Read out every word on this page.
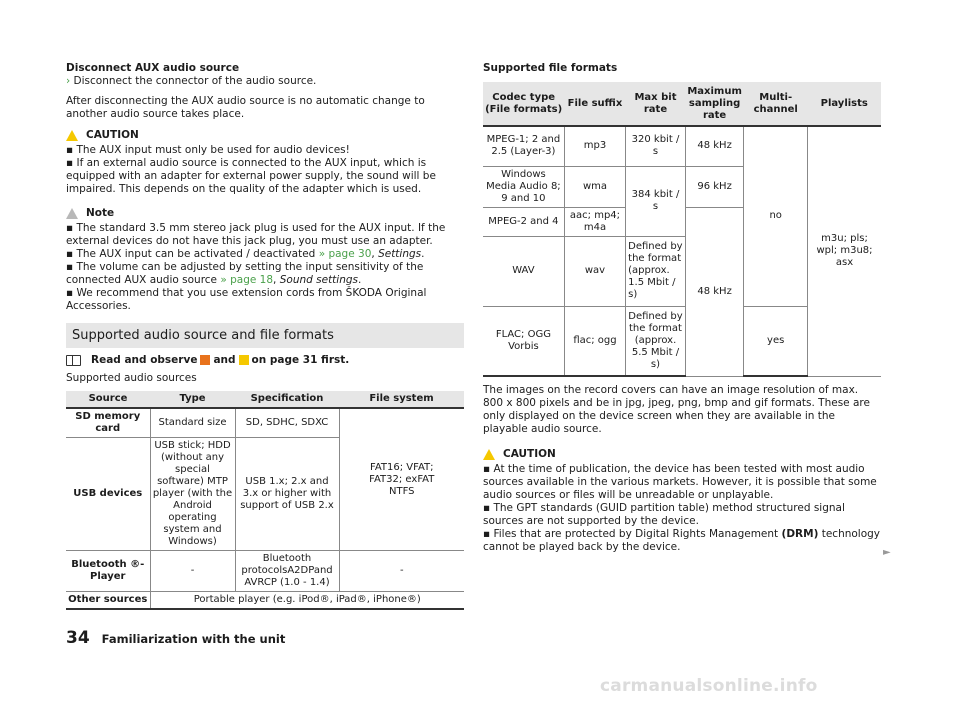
Disconnect AUX audio source

› Disconnect the connector of the audio source.

After disconnecting the AUX audio source is no automatic change to another audio source takes place.

CAUTION

▪ The AUX input must only be used for audio devices!

▪ If an external audio source is connected to the AUX input, which is equipped with an adapter for external power supply, the sound will be impaired. This depends on the quality of the adapter which is used.

Note

▪ The standard 3.5 mm stereo jack plug is used for the AUX input. If the external devices do not have this jack plug, you must use an adapter.

▪ The AUX input can be activated / deactivated » page 30, Settings.

▪ The volume can be adjusted by setting the input sensitivity of the connected AUX audio source » page 18, Sound settings.

▪ We recommend that you use extension cords from ŠKODA Original Accessories.

Supported audio source and file formats
Read and observe and on page 31 first.

Supported audio sources

Source	Type	Specification	File system
SD memory card	Standard size	SD, SDHC, SDXC	FAT16; VFAT; FAT32; exFAT NTFS
USB devices	USB stick; HDD (without any special software) MTP player (with the Android operating system and Windows)	USB 1.x; 2.x and 3.x or higher with support of USB 2.x	
Bluetooth ®-Player	-	Bluetooth protocolsA2DPand AVRCP (1.0 - 1.4)	-
Other sources	Portable player (e.g. iPod®, iPad®, iPhone®)		
Supported file formats
Codec type (File formats)	File suffix	Max bit rate	Maximum sampling rate	Multi-channel	Playlists
MPEG-1; 2 and 2.5 (Layer-3)	mp3	320 kbit / s	48 kHz	no	m3u; pls; wpl; m3u8; asx
Windows Media Audio 8; 9 and 10	wma	384 kbit / s	96 kHz		
MPEG-2 and 4	aac; mp4; m4a		48 kHz		
WAV	wav	Defined by the format (approx. 1.5 Mbit / s)			
FLAC; OGG Vorbis	flac; ogg	Defined by the format (approx. 5.5 Mbit / s)		yes	

The images on the record covers can have an image resolution of max. 800 x 800 pixels and be in jpg, jpeg, png, bmp and gif formats. These are only displayed on the device screen when they are available in the playable audio source.

CAUTION

▪ At the time of publication, the device has been tested with most audio sources available in the various markets. However, it is possible that some audio sources or files will be unreadable or unplayable.

▪ The GPT standards (GUID partition table) method structured signal sources are not supported by the device.

▪ Files that are protected by Digital Rights Management (DRM) technology cannot be played back by the device.	►
34 Familiarization with the unit
carmanualsonline.info
